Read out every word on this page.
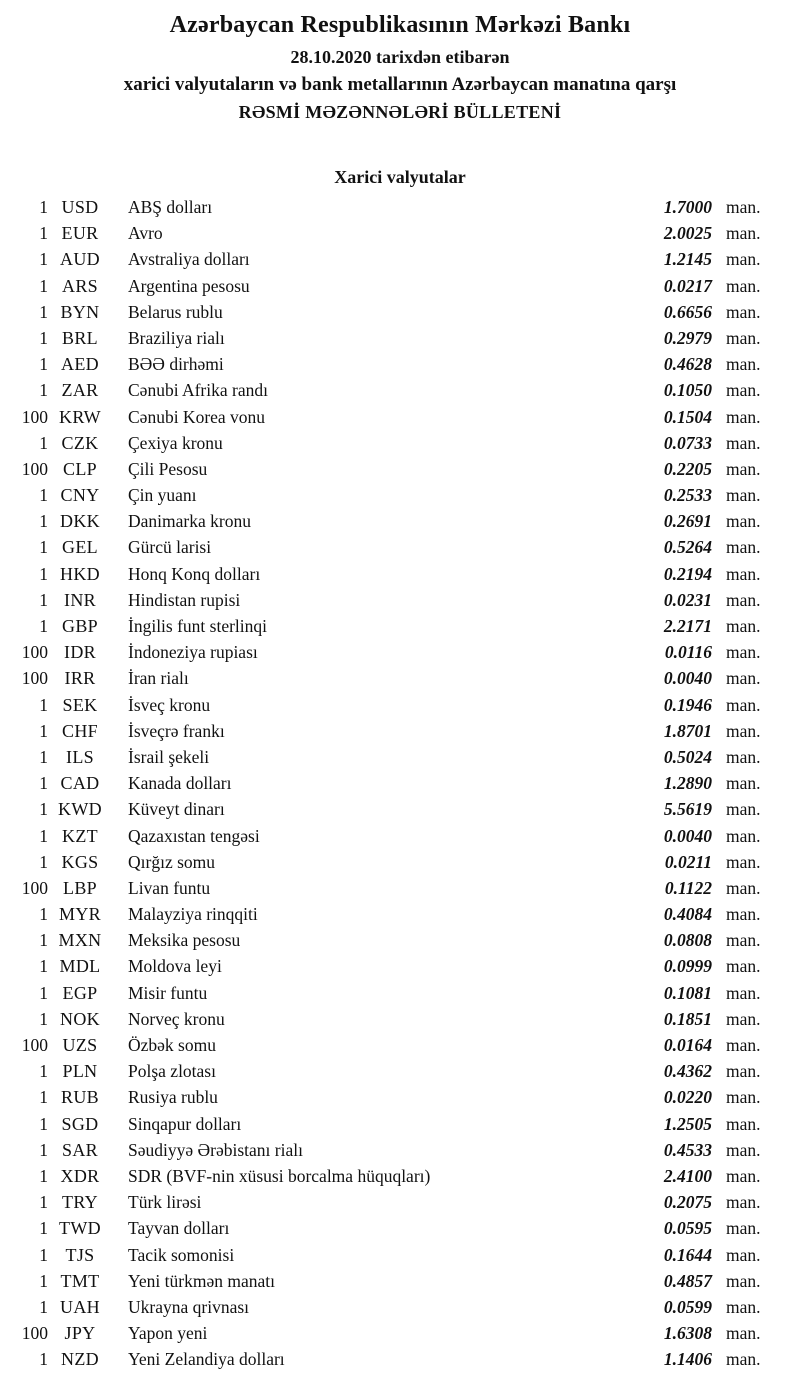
Azərbaycan Respublikasının Mərkəzi Bankı
28.10.2020 tarixdən etibarən
xarici valyutaların və bank metallarının Azərbaycan manatına qarşı
RƏSMİ MƏZƏNNƏLƏRİ BÜLLETENİ
Xarici valyutalar
1 USD	ABŞ dolları	1.7000 man.
1 EUR	Avro	2.0025 man.
1 AUD	Avstraliya dolları	1.2145 man.
1 ARS	Argentina pesosu	0.0217 man.
1 BYN	Belarus rublu	0.6656 man.
1 BRL	Braziliya rialı	0.2979 man.
1 AED	BƏƏ dirhəmi	0.4628 man.
1 ZAR	Cənubi Afrika randı	0.1050 man.
100 KRW	Cənubi Korea vonu	0.1504 man.
1 CZK	Çexiya kronu	0.0733 man.
100 CLP	Çili Pesosu	0.2205 man.
1 CNY	Çin yuanı	0.2533 man.
1 DKK	Danimarka kronu	0.2691 man.
1 GEL	Gürcü larisi	0.5264 man.
1 HKD	Honq Konq dolları	0.2194 man.
1 INR	Hindistan rupisi	0.0231 man.
1 GBP	İngilis funt sterlinqi	2.2171 man.
100 IDR	İndoneziya rupiası	0.0116 man.
100 IRR	İran rialı	0.0040 man.
1 SEK	İsveç kronu	0.1946 man.
1 CHF	İsveçrə frankı	1.8701 man.
1	ILS	İsrail şekeli	0.5024 man.
1 CAD	Kanada dolları	1.2890 man.
1 KWD	Küveyt dinarı	5.5619 man.
1 KZT	Qazaxıstan tengəsi	0.0040 man.
1 KGS	Qırğız somu	0.0211 man.
100 LBP	Livan funtu	0.1122 man.
1 MYR	Malayziya rinqqiti	0.4084 man.
1 MXN	Meksika pesosu	0.0808 man.
1 MDL	Moldova leyi	0.0999 man.
1 EGP	Misir funtu	0.1081 man.
1 NOK	Norveç kronu	0.1851 man.
100 UZS	Özbək somu	0.0164 man.
1 PLN	Polşa zlotası	0.4362 man.
1 RUB	Rusiya rublu	0.0220 man.
1 SGD	Sinqapur dolları	1.2505 man.
1 SAR	Səudiyyə Ərəbistanı rialı	0.4533 man.
1 XDR	SDR (BVF-nin xüsusi borcalma hüquqları)	2.4100 man.
1 TRY	Türk lirəsi	0.2075 man.
1 TWD	Tayvan dolları	0.0595 man.
1 TJS	Tacik somonisi	0.1644 man.
1 TMT	Yeni türkmən manatı	0.4857 man.
1 UAH	Ukrayna qrivnası	0.0599 man.
100 JPY	Yapon yeni	1.6308 man.
1 NZD	Yeni Zelandiya dolları	1.1406 man.
